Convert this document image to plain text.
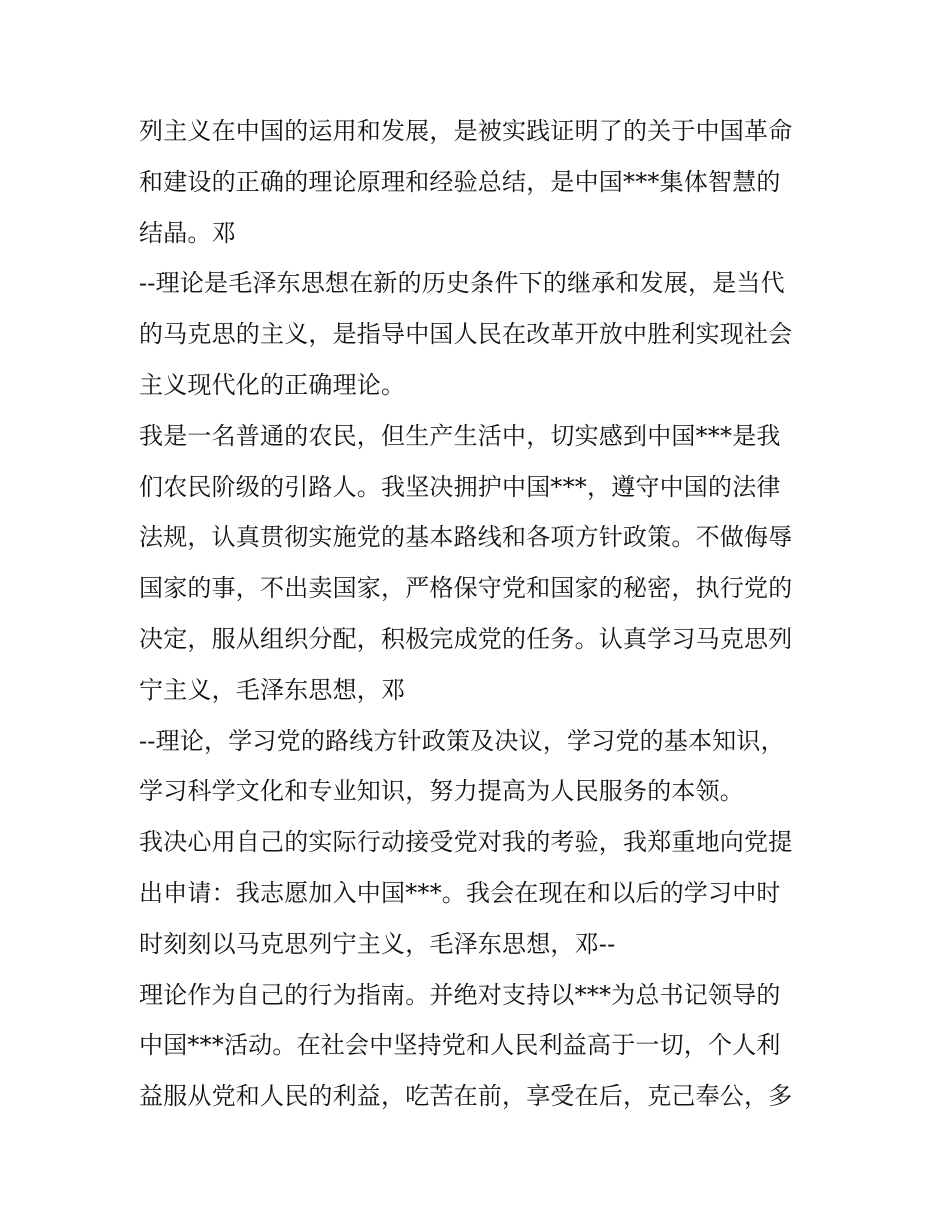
列主义在中国的运用和发展，是被实践证明了的关于中国革命
和建设的正确的理论原理和经验总结，是中国***集体智慧的
结晶。邓
--理论是毛泽东思想在新的历史条件下的继承和发展，是当代
的马克思的主义，是指导中国人民在改革开放中胜利实现社会
主义现代化的正确理论。
我是一名普通的农民，但生产生活中，切实感到中国***是我
们农民阶级的引路人。我坚决拥护中国***，遵守中国的法律
法规，认真贯彻实施党的基本路线和各项方针政策。不做侮辱
国家的事，不出卖国家，严格保守党和国家的秘密，执行党的
决定，服从组织分配，积极完成党的任务。认真学习马克思列
宁主义，毛泽东思想，邓
--理论，学习党的路线方针政策及决议，学习党的基本知识，
学习科学文化和专业知识，努力提高为人民服务的本领。
我决心用自己的实际行动接受党对我的考验，我郑重地向党提
出申请：我志愿加入中国***。我会在现在和以后的学习中时
时刻刻以马克思列宁主义，毛泽东思想，邓--
理论作为自己的行为指南。并绝对支持以***为总书记领导的
中国***活动。在社会中坚持党和人民利益高于一切，个人利
益服从党和人民的利益，吃苦在前，享受在后，克己奉公，多
